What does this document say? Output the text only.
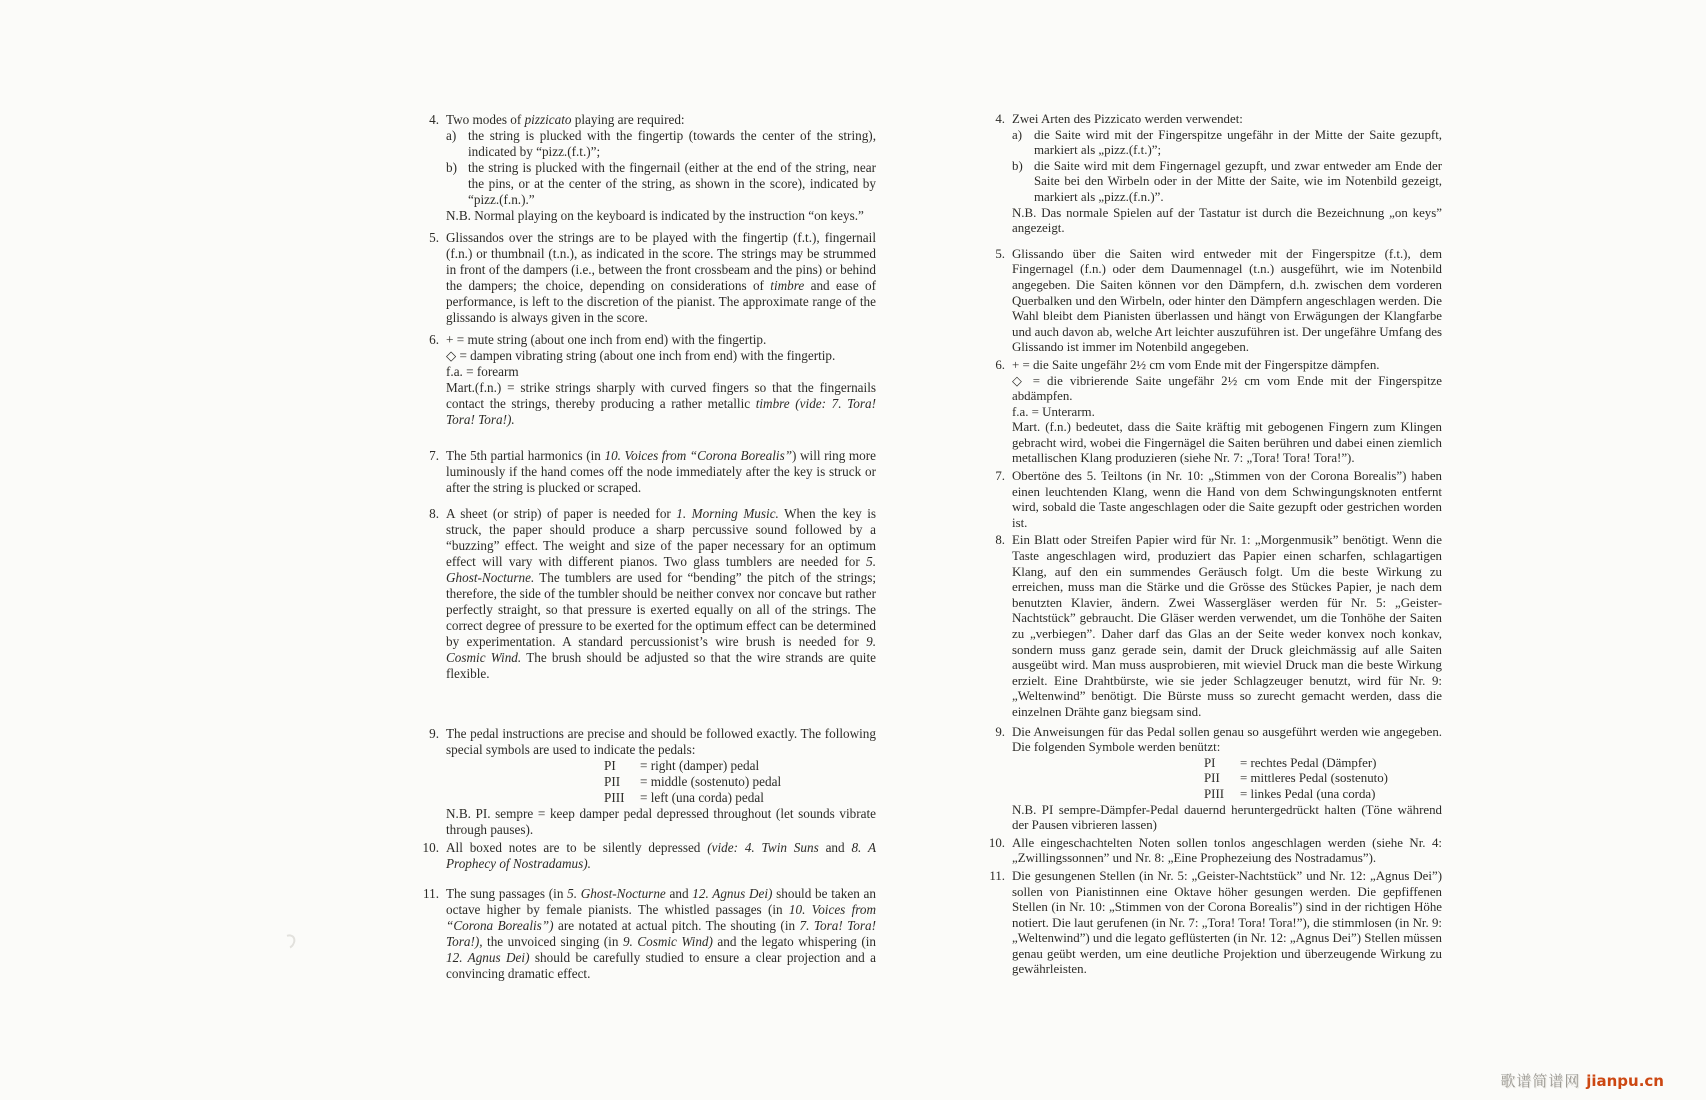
4. Two modes of pizzicato playing are required:

a) the string is plucked with the fingertip (towards the center of the string), indicated by “pizz.(f.t.)”;

b) the string is plucked with the fingernail (either at the end of the string, near the pins, or at the center of the string, as shown in the score), indicated by “pizz.(f.n.).”

N.B. Normal playing on the keyboard is indicated by the instruction “on keys.”

5. Glissandos over the strings are to be played with the fingertip (f.t.), fingernail (f.n.) or thumbnail (t.n.), as indicated in the score. The strings may be strummed in front of the dampers (i.e., between the front crossbeam and the pins) or behind the dampers; the choice, depending on considerations of timbre and ease of performance, is left to the discretion of the pianist. The approximate range of the glissando is always given in the score.

6. + = mute string (about one inch from end) with the fingertip.

◇ = dampen vibrating string (about one inch from end) with the fingertip.

f.a. = forearm

Mart.(f.n.) = strike strings sharply with curved fingers so that the fingernails contact the strings, thereby producing a rather metallic timbre (vide: 7. Tora! Tora! Tora!).

7. The 5th partial harmonics (in 10. Voices from “Corona Borealis”) will ring more luminously if the hand comes off the node immediately after the key is struck or after the string is plucked or scraped.

8. A sheet (or strip) of paper is needed for 1. Morning Music. When the key is struck, the paper should produce a sharp percussive sound followed by a “buzzing” effect. The weight and size of the paper necessary for an optimum effect will vary with different pianos. Two glass tumblers are needed for 5. Ghost-Nocturne. The tumblers are used for “bending” the pitch of the strings; therefore, the side of the tumbler should be neither convex nor concave but rather perfectly straight, so that pressure is exerted equally on all of the strings. The correct degree of pressure to be exerted for the optimum effect can be determined by experimentation. A standard percussionist’s wire brush is needed for 9. Cosmic Wind. The brush should be adjusted so that the wire strands are quite flexible.

9. The pedal instructions are precise and should be followed exactly. The following special symbols are used to indicate the pedals:

PI = right (damper) pedal
PII = middle (sostenuto) pedal
PIII = left (una corda) pedal

N.B. PI. sempre = keep damper pedal depressed throughout (let sounds vibrate through pauses).

10. All boxed notes are to be silently depressed (vide: 4. Twin Suns and 8. A Prophecy of Nostradamus).

11. The sung passages (in 5. Ghost-Nocturne and 12. Agnus Dei) should be taken an octave higher by female pianists. The whistled passages (in 10. Voices from “Corona Borealis”) are notated at actual pitch. The shouting (in 7. Tora! Tora! Tora!), the unvoiced singing (in 9. Cosmic Wind) and the legato whispering (in 12. Agnus Dei) should be carefully studied to ensure a clear projection and a convincing dramatic effect.

4. Zwei Arten des Pizzicato werden verwendet:

a) die Saite wird mit der Fingerspitze ungefähr in der Mitte der Saite gezupft, markiert als „pizz.(f.t.)”;

b) die Saite wird mit dem Fingernagel gezupft, und zwar entweder am Ende der Saite bei den Wirbeln oder in der Mitte der Saite, wie im Notenbild gezeigt, markiert als „pizz.(f.n.)”.

N.B. Das normale Spielen auf der Tastatur ist durch die Bezeichnung „on keys” angezeigt.

5. Glissando über die Saiten wird entweder mit der Fingerspitze (f.t.), dem Fingernagel (f.n.) oder dem Daumennagel (t.n.) ausgeführt, wie im Notenbild angegeben. Die Saiten können vor den Dämpfern, d.h. zwischen dem vorderen Querbalken und den Wirbeln, oder hinter den Dämpfern angeschlagen werden. Die Wahl bleibt dem Pianisten überlassen und hängt von Erwägungen der Klangfarbe und auch davon ab, welche Art leichter auszuführen ist. Der ungefähre Umfang des Glissando ist immer im Notenbild angegeben.

6. + = die Saite ungefähr 2½ cm vom Ende mit der Fingerspitze dämpfen.

◇ = die vibrierende Saite ungefähr 2½ cm vom Ende mit der Fingerspitze abdämpfen.

f.a. = Unterarm.

Mart. (f.n.) bedeutet, dass die Saite kräftig mit gebogenen Fingern zum Klingen gebracht wird, wobei die Fingernägel die Saiten berühren und dabei einen ziemlich metallischen Klang produzieren (siehe Nr. 7: „Tora! Tora! Tora!”).

7. Obertöne des 5. Teiltons (in Nr. 10: „Stimmen von der Corona Borealis”) haben einen leuchtenden Klang, wenn die Hand von dem Schwingungsknoten entfernt wird, sobald die Taste angeschlagen oder die Saite gezupft oder gestrichen worden ist.

8. Ein Blatt oder Streifen Papier wird für Nr. 1: „Morgenmusik” benötigt. Wenn die Taste angeschlagen wird, produziert das Papier einen scharfen, schlagartigen Klang, auf den ein summendes Geräusch folgt. Um die beste Wirkung zu erreichen, muss man die Stärke und die Grösse des Stückes Papier, je nach dem benutzten Klavier, ändern. Zwei Wassergläser werden für Nr. 5: „Geister-Nachtstück” gebraucht. Die Gläser werden verwendet, um die Tonhöhe der Saiten zu „verbiegen”. Daher darf das Glas an der Seite weder konvex noch konkav, sondern muss ganz gerade sein, damit der Druck gleichmässig auf alle Saiten ausgeübt wird. Man muss ausprobieren, mit wieviel Druck man die beste Wirkung erzielt. Eine Drahtbürste, wie sie jeder Schlagzeuger benutzt, wird für Nr. 9: „Weltenwind” benötigt. Die Bürste muss so zurecht gemacht werden, dass die einzelnen Drähte ganz biegsam sind.

9. Die Anweisungen für das Pedal sollen genau so ausgeführt werden wie angegeben. Die folgenden Symbole werden benützt:

PI = rechtes Pedal (Dämpfer)
PII = mittleres Pedal (sostenuto)
PIII = linkes Pedal (una corda)

N.B. PI sempre-Dämpfer-Pedal dauernd heruntergedrückt halten (Töne während der Pausen vibrieren lassen)

10. Alle eingeschachtelten Noten sollen tonlos angeschlagen werden (siehe Nr. 4: „Zwillingssonnen” und Nr. 8: „Eine Prophezeiung des Nostradamus”).

11. Die gesungenen Stellen (in Nr. 5: „Geister-Nachtstück” und Nr. 12: „Agnus Dei”) sollen von Pianistinnen eine Oktave höher gesungen werden. Die gepfiffenen Stellen (in Nr. 10: „Stimmen von der Corona Borealis”) sind in der richtigen Höhe notiert. Die laut gerufenen (in Nr. 7: „Tora! Tora! Tora!”), die stimmlosen (in Nr. 9: „Weltenwind”) und die legato geflüsterten (in Nr. 12: „Agnus Dei”) Stellen müssen genau geübt werden, um eine deutliche Projektion und überzeugende Wirkung zu gewährleisten.

歌谱简谱网 jianpu.cn
